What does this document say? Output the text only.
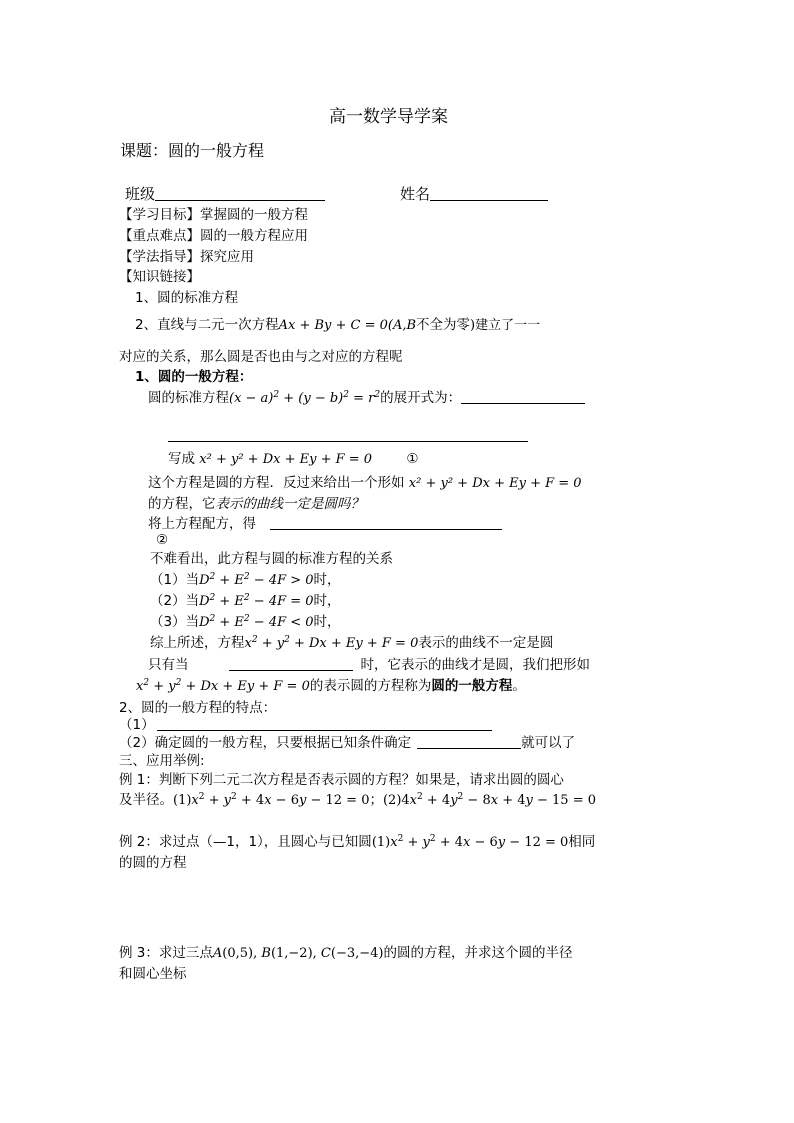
高一数学导学案
课题：圆的一般方程
班级	姓名
【学习目标】掌握圆的一般方程
【重点难点】圆的一般方程应用
【学法指导】探究应用
【知识链接】
1、圆的标准方程
2、直线与二元一次方程Ax + By + C = 0(A,B不全为零)建立了一一
对应的关系，那么圆是否也由与之对应的方程呢
1、圆的一般方程：
圆的标准方程$(x - a)^2 + (y - b)^2 = r^2$的展开式为：
写成 x² + y² + Dx + Ey + F = 0	①
这个方程是圆的方程．反过来给出一个形如 x² + y² + Dx + Ey + F = 0
的方程，它表示的曲线一定是圆吗？
将上方程配方，得
②
不难看出，此方程与圆的标准方程的关系
（1）当$D^2 + E^2 - 4F > 0$时，
（2）当$D^2 + E^2 - 4F = 0$时，
（3）当$D^2 + E^2 - 4F < 0$时，
综上所述，方程$x^2 + y^2 + Dx + Ey + F = 0$表示的曲线不一定是圆
只有当	时，它表示的曲线才是圆，我们把形如
$x^2 + y^2 + Dx + Ey + F = 0$的表示圆的方程称为圆的一般方程。
2、圆的一般方程的特点：
（1）
（2）确定圆的一般方程，只要根据已知条件确定	就可以了
三、应用举例:
例 1：判断下列二元二次方程是否表示圆的方程？如果是，请求出圆的圆心
及半径。$(1)x^2 + y^2 + 4x - 6y - 12 = 0$；$(2)4x^2 + 4y^2 - 8x + 4y - 15 = 0$
例 2：求过点（—1，1），且圆心与已知圆$(1)x^2 + y^2 + 4x - 6y - 12 = 0$相同
的圆的方程
例 3：求过三点A(0,5), B(1,−2), C(−3,−4)的圆的方程，并求这个圆的半径
和圆心坐标
